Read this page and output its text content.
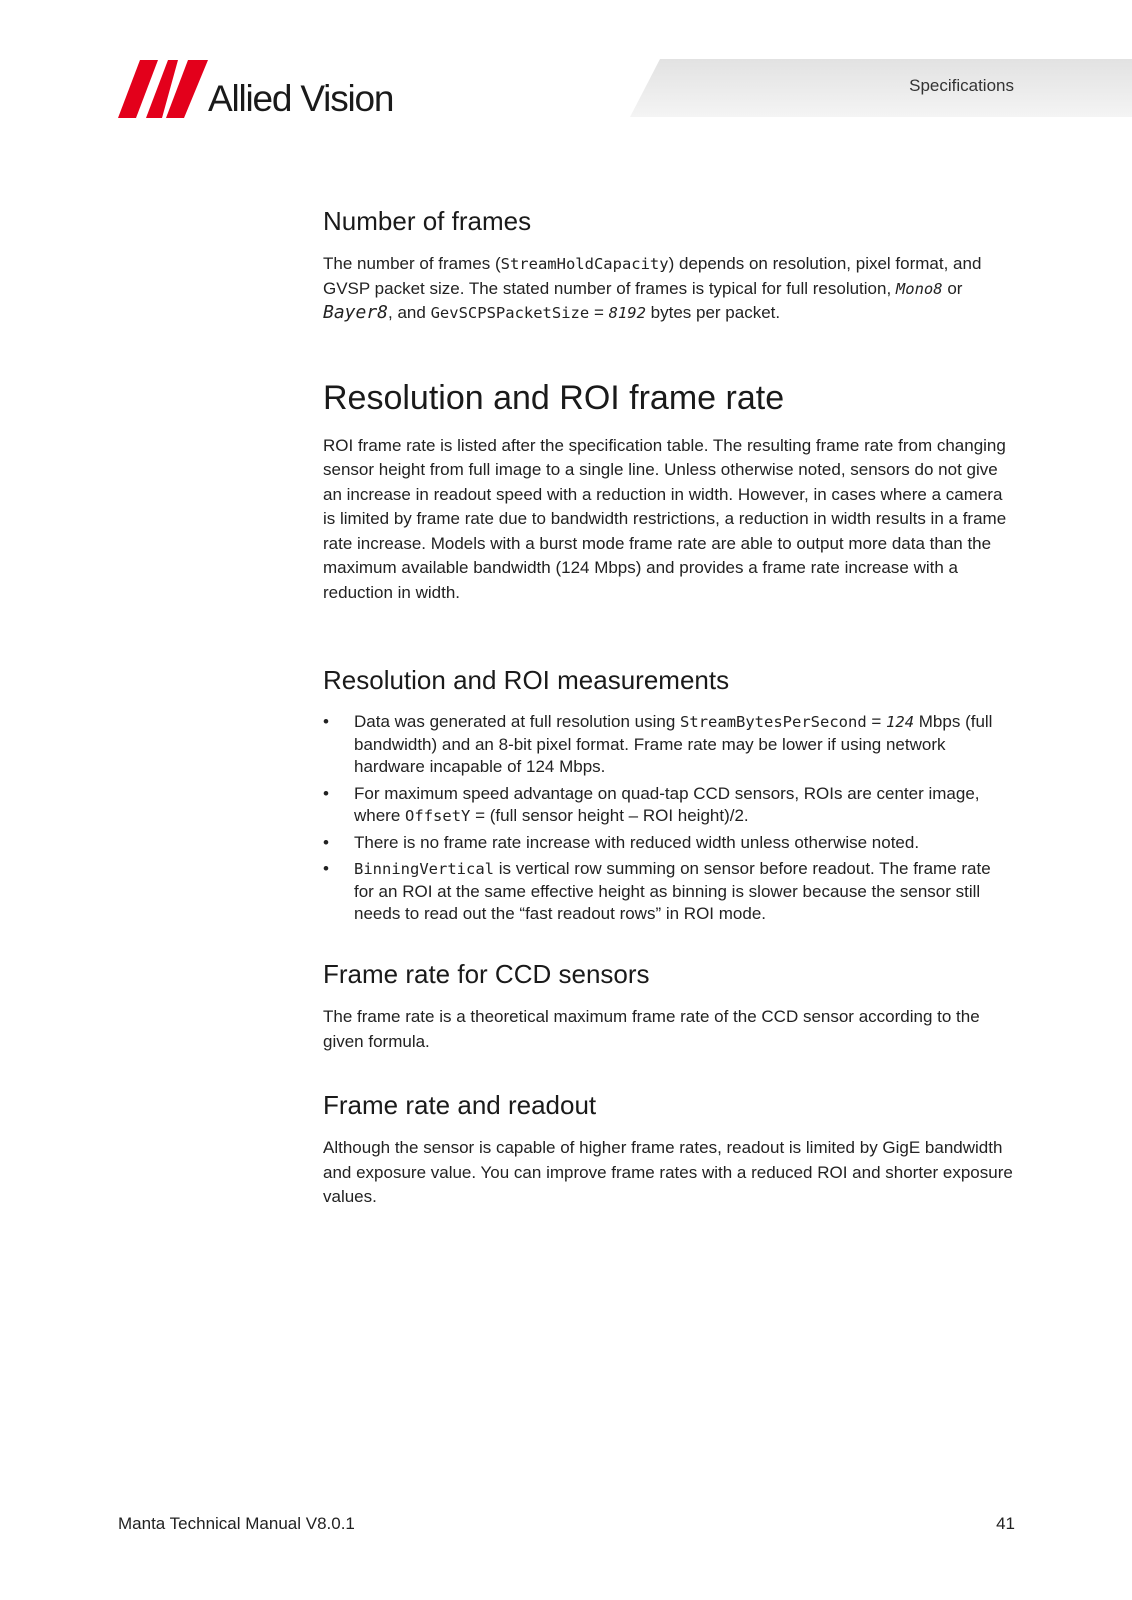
Allied Vision	Specifications
Number of frames

The number of frames (StreamHoldCapacity) depends on resolution, pixel format, and GVSP packet size. The stated number of frames is typical for full resolution, Mono8 or Bayer8, and GevSCPSPacketSize = 8192 bytes per packet.

Resolution and ROI frame rate

ROI frame rate is listed after the specification table. The resulting frame rate from changing sensor height from full image to a single line. Unless otherwise noted, sensors do not give an increase in readout speed with a reduction in width. However, in cases where a camera is limited by frame rate due to bandwidth restrictions, a reduction in width results in a frame rate increase. Models with a burst mode frame rate are able to output more data than the maximum available bandwidth (124 Mbps) and provides a frame rate increase with a reduction in width.

Resolution and ROI measurements
• Data was generated at full resolution using StreamBytesPerSecond = 124 Mbps (full bandwidth) and an 8-bit pixel format. Frame rate may be lower if using network hardware incapable of 124 Mbps.
• For maximum speed advantage on quad-tap CCD sensors, ROIs are center image, where OffsetY = (full sensor height – ROI height)/2.
• There is no frame rate increase with reduced width unless otherwise noted.
• BinningVertical is vertical row summing on sensor before readout. The frame rate for an ROI at the same effective height as binning is slower because the sensor still needs to read out the “fast readout rows” in ROI mode.
Frame rate for CCD sensors

The frame rate is a theoretical maximum frame rate of the CCD sensor according to the given formula.

Frame rate and readout

Although the sensor is capable of higher frame rates, readout is limited by GigE bandwidth and exposure value. You can improve frame rates with a reduced ROI and shorter exposure values.

Manta Technical Manual V8.0.1	41
